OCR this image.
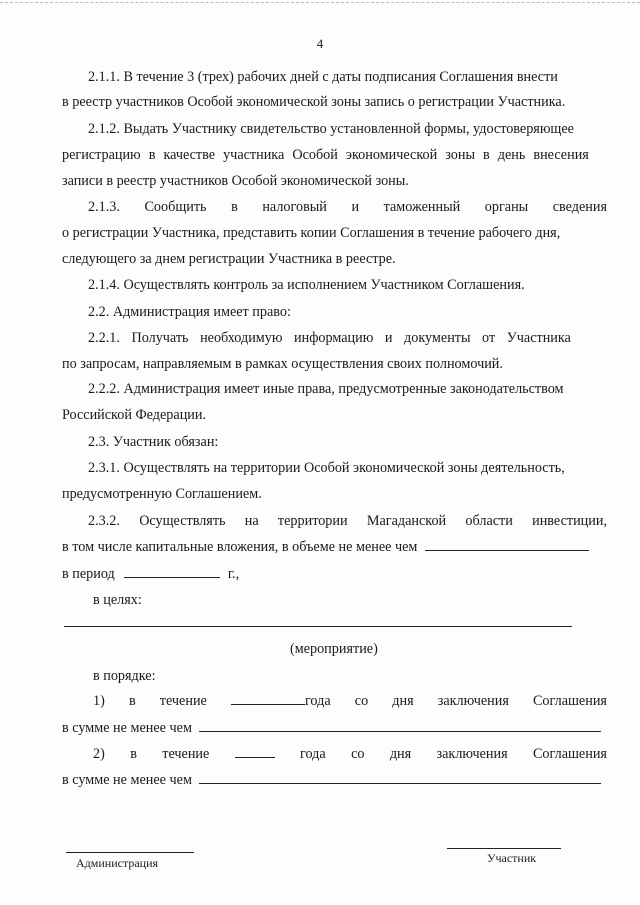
4
2.1.1. В течение 3 (трех) рабочих дней с даты подписания Соглашения внести
в реестр участников Особой экономической зоны запись о регистрации Участника.
2.1.2. Выдать Участнику свидетельство установленной формы, удостоверяющее
регистрацию в качестве участника Особой экономической зоны в день внесения
записи в реестр участников Особой экономической зоны.
2.1.3. Сообщить в налоговый и таможенный органы сведения
о регистрации Участника, представить копии Соглашения в течение рабочего дня,
следующего за днем регистрации Участника в реестре.
2.1.4. Осуществлять контроль за исполнением Участником Соглашения.
2.2. Администрация имеет право:
2.2.1. Получать необходимую информацию и документы от Участника
по запросам, направляемым в рамках осуществления своих полномочий.
2.2.2. Администрация имеет иные права, предусмотренные законодательством
Российской Федерации.
2.3. Участник обязан:
2.3.1. Осуществлять на территории Особой экономической зоны деятельность,
предусмотренную Соглашением.
2.3.2. Осуществлять на территории Магаданской области инвестиции,
в том числе капитальные вложения, в объеме не менее чем
в период	г.,
в целях:
(мероприятие)
в порядке:
1) в течение	года со дня заключения Соглашения
в сумме не менее чем
2) в течение	года со дня заключения Соглашения
в сумме не менее чем
Администрация	Участник
